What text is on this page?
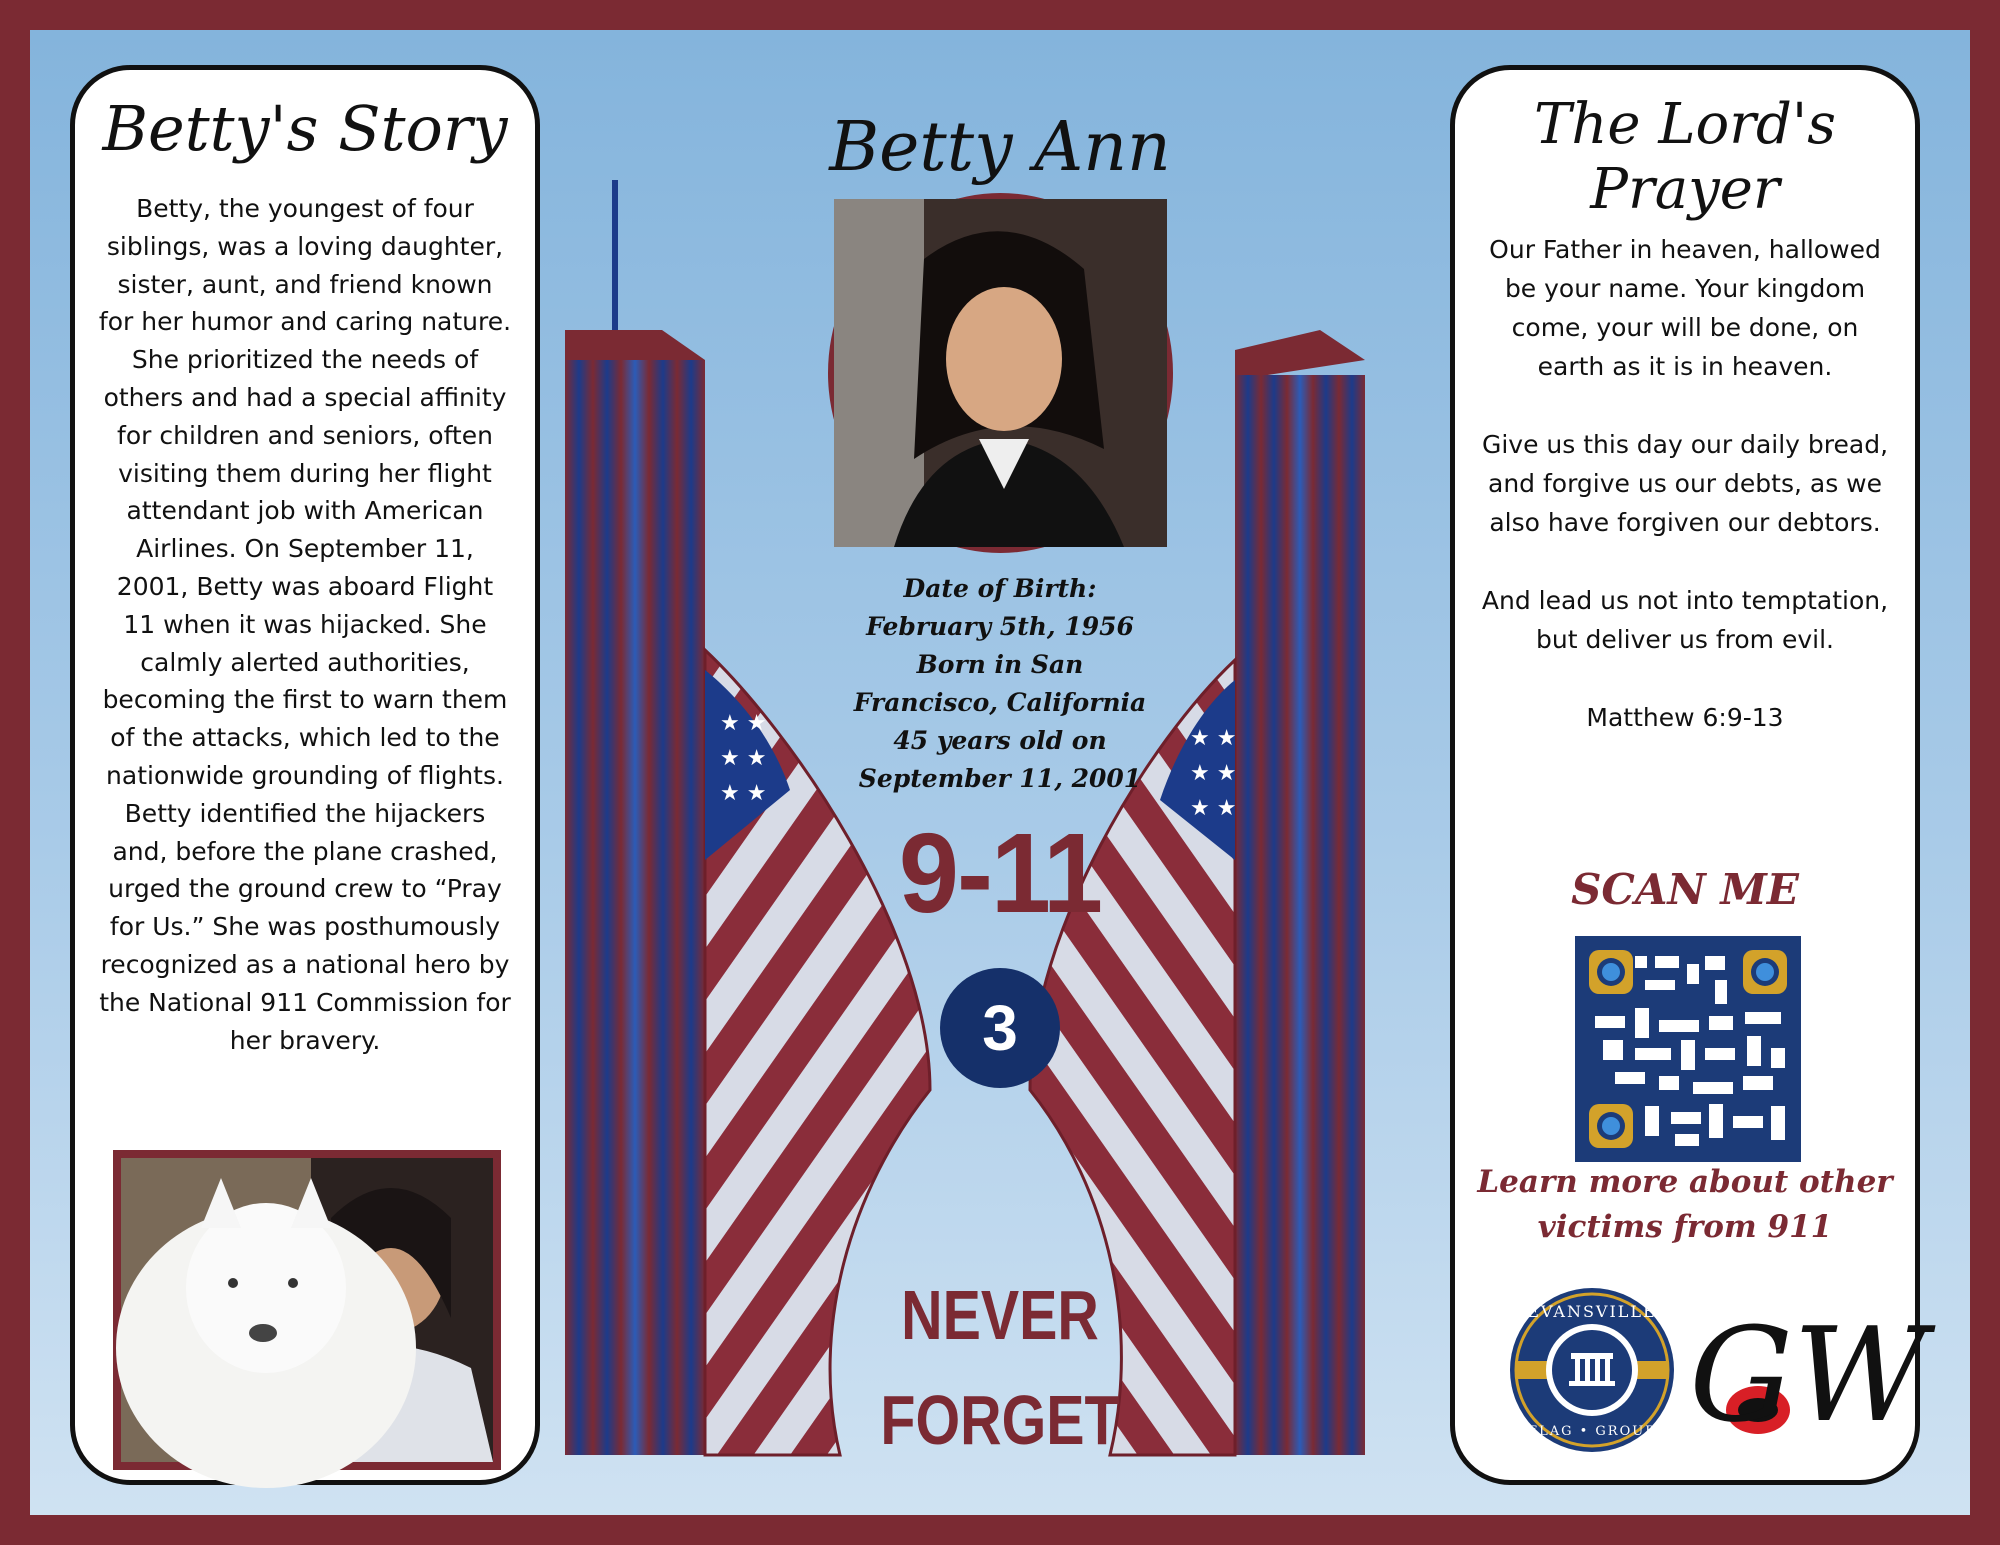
★ ★
★ ★
★ ★
★ ★
★ ★
★ ★
Betty's Story

Betty, the youngest of four siblings, was a loving daughter, sister, aunt, and friend known for her humor and caring nature. She prioritized the needs of others and had a special affinity for children and seniors, often visiting them during her flight attendant job with American Airlines. On September 11, 2001, Betty was aboard Flight 11 when it was hijacked. She calmly alerted authorities, becoming the first to warn them of the attacks, which led to the nationwide grounding of flights. Betty identified the hijackers and, before the plane crashed, urged the ground crew to “Pray for Us.” She was posthumously recognized as a national hero by the National 911 Commission for her bravery.

Betty Ann
Date of Birth:
February 5th, 1956
Born in San
Francisco, California
45 years old on
September 11, 2001
9-11
3
NEVER
FORGET
The Lord's Prayer

Our Father in heaven, hallowed be your name. Your kingdom come, your will be done, on earth as it is in heaven.

Give us this day our daily bread, and forgive us our debts, as we also have forgiven our debtors.

And lead us not into temptation, but deliver us from evil.

Matthew 6:9-13

SCAN ME
Learn more about other victims from 911
EVANSVILLE
FLAG • GROUP GW
